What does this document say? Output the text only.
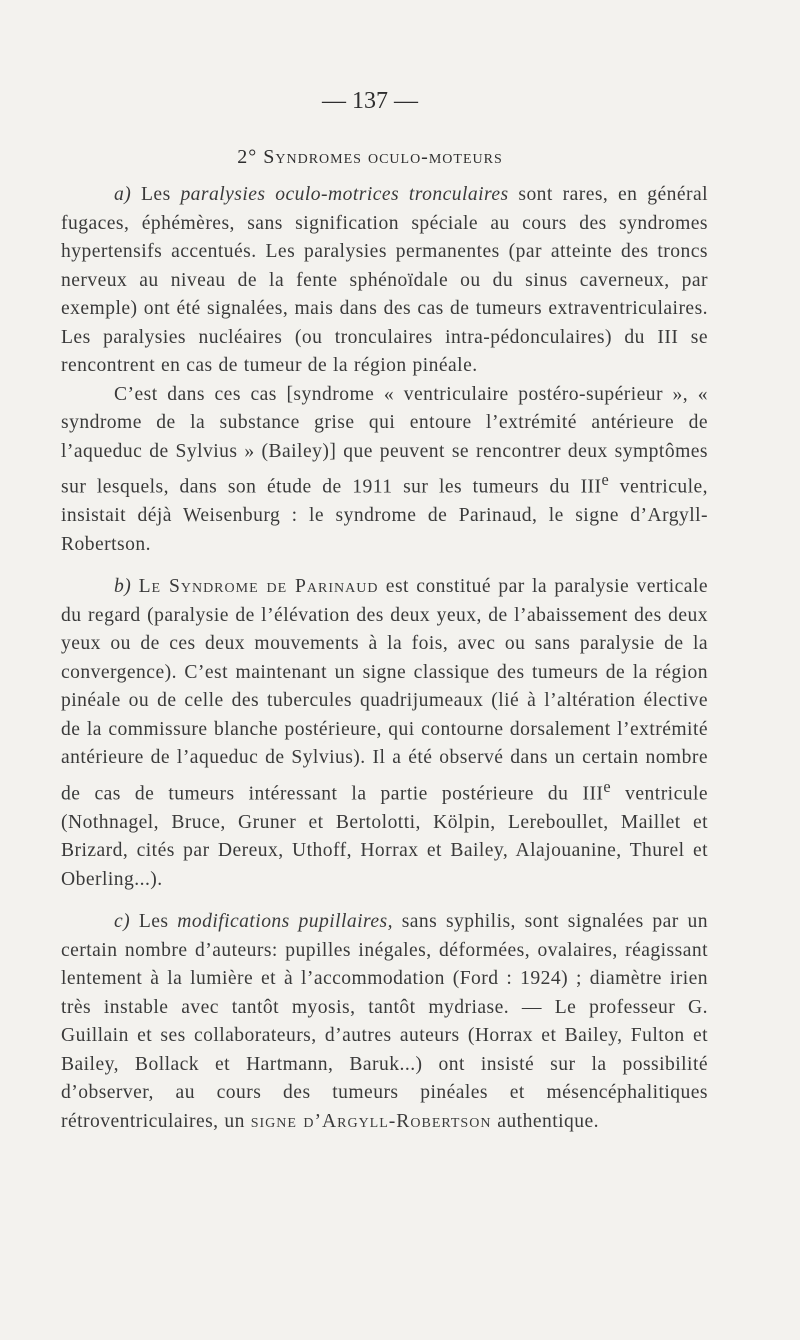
— 137 —
2° Syndromes oculo-moteurs

a) Les paralysies oculo-motrices tronculaires sont rares, en général fugaces, éphémères, sans signification spéciale au cours des syndromes hypertensifs accentués. Les paralysies permanentes (par atteinte des troncs nerveux au niveau de la fente sphénoïdale ou du sinus caverneux, par exemple) ont été signalées, mais dans des cas de tumeurs extraventriculaires. Les paralysies nucléaires (ou tronculaires intra-pédonculaires) du III se rencontrent en cas de tumeur de la région pinéale.

C’est dans ces cas [syndrome « ventriculaire postéro-supérieur », « syndrome de la substance grise qui entoure l’extrémité antérieure de l’aqueduc de Sylvius » (Bailey)] que peuvent se rencontrer deux symptômes sur lesquels, dans son étude de 1911 sur les tumeurs du IIIe ventricule, insistait déjà Weisenburg : le syndrome de Parinaud, le signe d’Argyll-Robertson.

b) Le Syndrome de Parinaud est constitué par la paralysie verticale du regard (paralysie de l’élévation des deux yeux, de l’abaissement des deux yeux ou de ces deux mouvements à la fois, avec ou sans paralysie de la convergence). C’est maintenant un signe classique des tumeurs de la région pinéale ou de celle des tubercules quadrijumeaux (lié à l’altération élective de la commissure blanche postérieure, qui contourne dorsalement l’extrémité antérieure de l’aqueduc de Sylvius). Il a été observé dans un certain nombre de cas de tumeurs intéressant la partie postérieure du IIIe ventricule (Nothnagel, Bruce, Gruner et Bertolotti, Kölpin, Lereboullet, Maillet et Brizard, cités par Dereux, Uthoff, Horrax et Bailey, Alajouanine, Thurel et Oberling...).

c) Les modifications pupillaires, sans syphilis, sont signalées par un certain nombre d’auteurs: pupilles inégales, déformées, ovalaires, réagissant lentement à la lumière et à l’accommodation (Ford : 1924) ; diamètre irien très instable avec tantôt myosis, tantôt mydriase. — Le professeur G. Guillain et ses collaborateurs, d’autres auteurs (Horrax et Bailey, Fulton et Bailey, Bollack et Hartmann, Baruk...) ont insisté sur la possibilité d’observer, au cours des tumeurs pinéales et mésencéphalitiques rétroventriculaires, un signe d’Argyll-Robertson authentique.
